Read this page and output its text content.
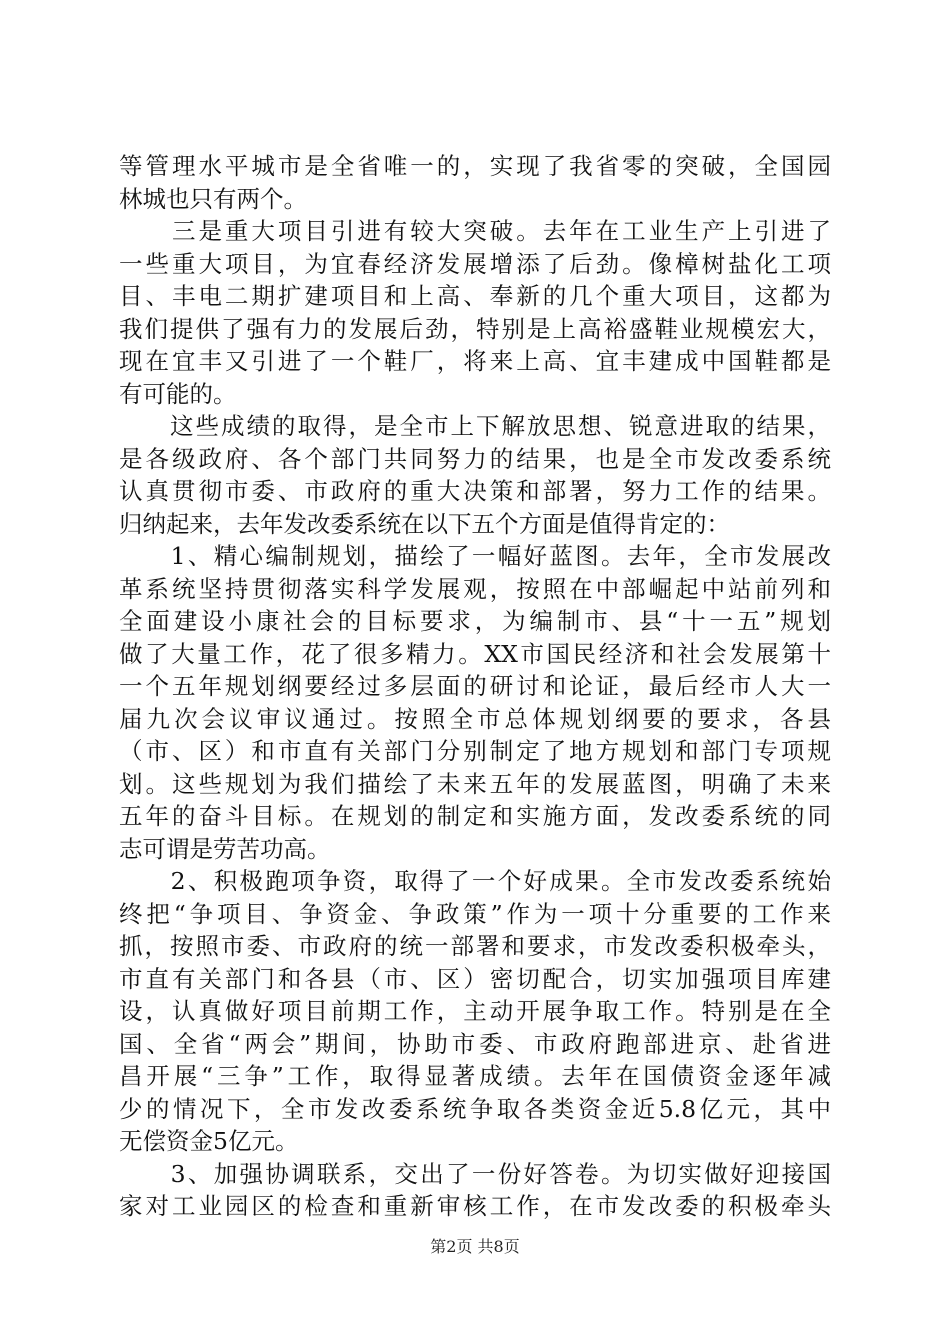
等管理水平城市是全省唯一的，实现了我省零的突破，全国园
林城也只有两个。
　　三是重大项目引进有较大突破。去年在工业生产上引进了
一些重大项目，为宜春经济发展增添了后劲。像樟树盐化工项
目、丰电二期扩建项目和上高、奉新的几个重大项目，这都为
我们提供了强有力的发展后劲，特别是上高裕盛鞋业规模宏大，
现在宜丰又引进了一个鞋厂，将来上高、宜丰建成中国鞋都是
有可能的。
　　这些成绩的取得，是全市上下解放思想、锐意进取的结果，
是各级政府、各个部门共同努力的结果，也是全市发改委系统
认真贯彻市委、市政府的重大决策和部署，努力工作的结果。
归纳起来，去年发改委系统在以下五个方面是值得肯定的：
　　1、精心编制规划，描绘了一幅好蓝图。去年，全市发展改
革系统坚持贯彻落实科学发展观，按照在中部崛起中站前列和
全面建设小康社会的目标要求，为编制市、县“十一五”规划
做了大量工作，花了很多精力。XX市国民经济和社会发展第十
一个五年规划纲要经过多层面的研讨和论证，最后经市人大一
届九次会议审议通过。按照全市总体规划纲要的要求，各县
（市、区）和市直有关部门分别制定了地方规划和部门专项规
划。这些规划为我们描绘了未来五年的发展蓝图，明确了未来
五年的奋斗目标。在规划的制定和实施方面，发改委系统的同
志可谓是劳苦功高。
　　2、积极跑项争资，取得了一个好成果。全市发改委系统始
终把“争项目、争资金、争政策”作为一项十分重要的工作来
抓，按照市委、市政府的统一部署和要求，市发改委积极牵头，
市直有关部门和各县（市、区）密切配合，切实加强项目库建
设，认真做好项目前期工作，主动开展争取工作。特别是在全
国、全省“两会”期间，协助市委、市政府跑部进京、赴省进
昌开展“三争”工作，取得显著成绩。去年在国债资金逐年减
少的情况下，全市发改委系统争取各类资金近5.8亿元，其中
无偿资金5亿元。
　　3、加强协调联系，交出了一份好答卷。为切实做好迎接国
家对工业园区的检查和重新审核工作，在市发改委的积极牵头
第2页 共8页
